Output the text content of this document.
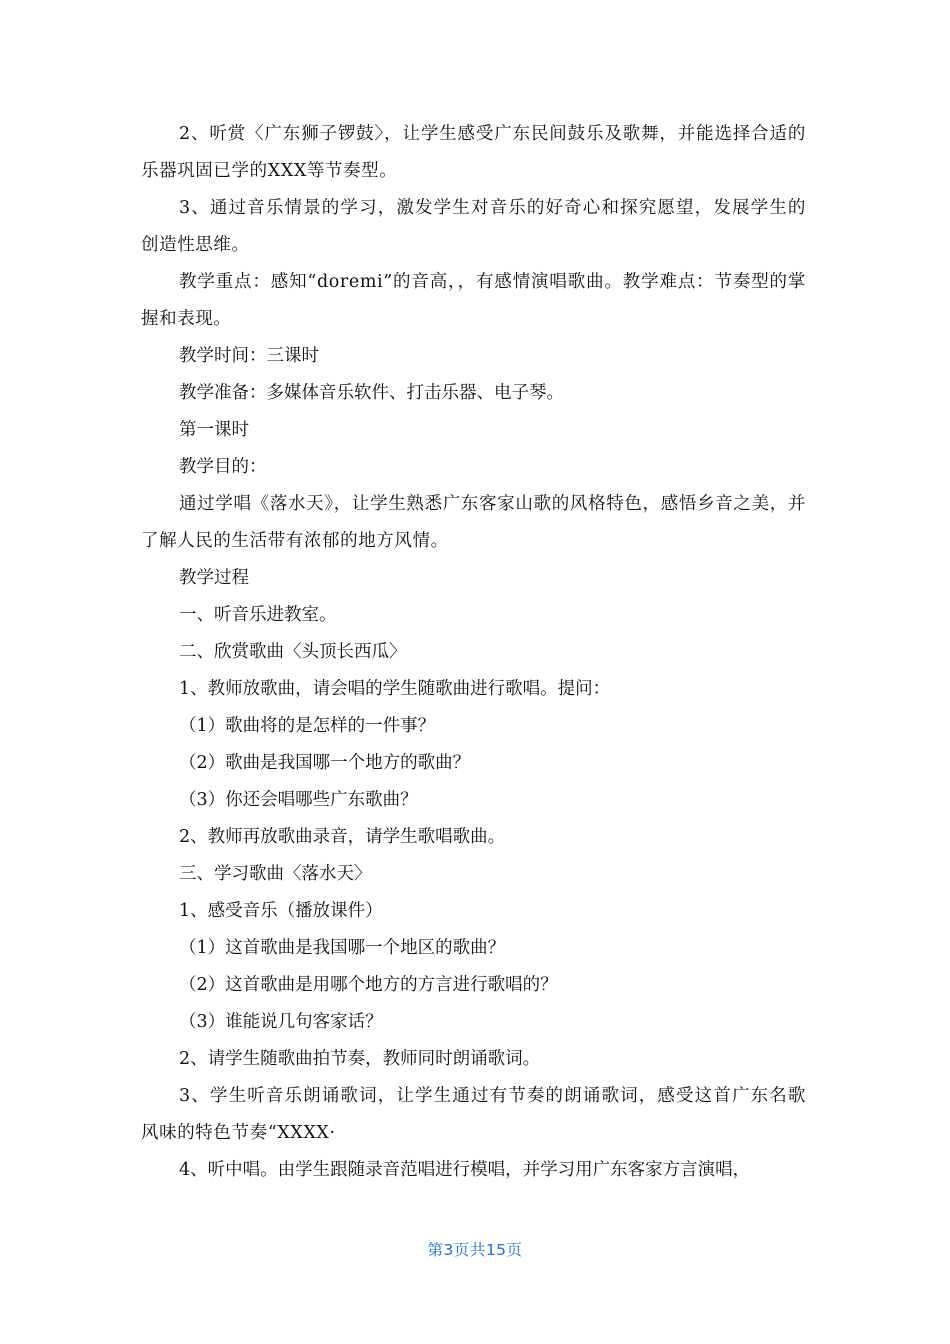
2、听赏〈广东狮子锣鼓〉，让学生感受广东民间鼓乐及歌舞，并能选择合适的乐器巩固已学的XXX等节奏型。

3、通过音乐情景的学习，激发学生对音乐的好奇心和探究愿望，发展学生的创造性思维。

教学重点：感知“doremi”的音高，，有感情演唱歌曲。教学难点：节奏型的掌握和表现。

教学时间：三课时

教学准备：多媒体音乐软件、打击乐器、电子琴。

第一课时

教学目的：

通过学唱《落水天》，让学生熟悉广东客家山歌的风格特色，感悟乡音之美，并了解人民的生活带有浓郁的地方风情。

教学过程

一、听音乐进教室。

二、欣赏歌曲〈头顶长西瓜〉

1、教师放歌曲，请会唱的学生随歌曲进行歌唱。提问：

（1）歌曲将的是怎样的一件事？

（2）歌曲是我国哪一个地方的歌曲？

（3）你还会唱哪些广东歌曲？

2、教师再放歌曲录音，请学生歌唱歌曲。

三、学习歌曲〈落水天〉

1、感受音乐（播放课件）

（1）这首歌曲是我国哪一个地区的歌曲？

（2）这首歌曲是用哪个地方的方言进行歌唱的？

（3）谁能说几句客家话？

2、请学生随歌曲拍节奏，教师同时朗诵歌词。

3、学生听音乐朗诵歌词，让学生通过有节奏的朗诵歌词，感受这首广东名歌风味的特色节奏“XXXX·

4、听中唱。由学生跟随录音范唱进行模唱，并学习用广东客家方言演唱，

第3页共15页
